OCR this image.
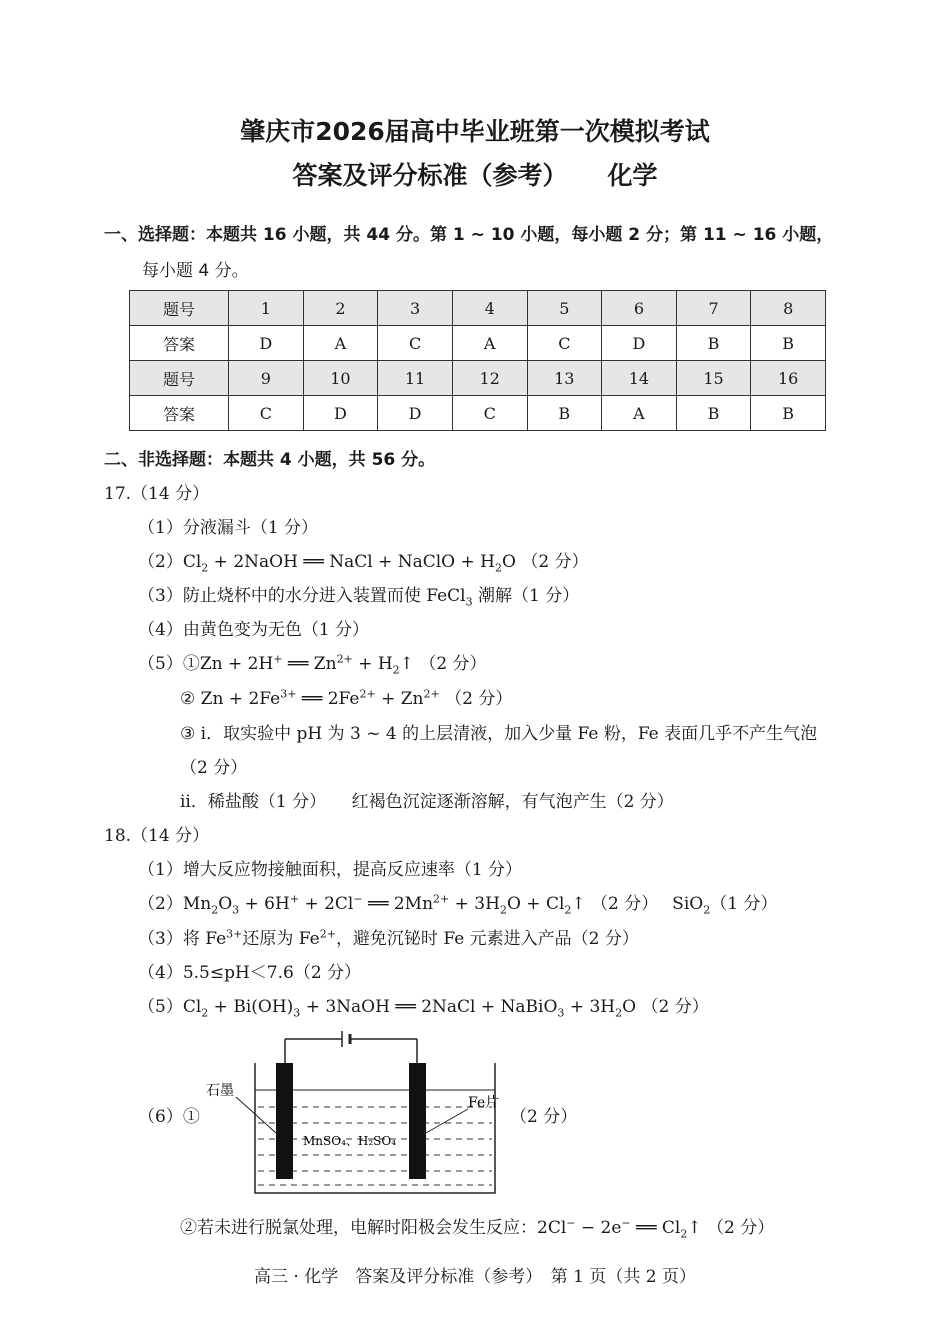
肇庆市2026届高中毕业班第一次模拟考试
答案及评分标准（参考） 化学
一、选择题：本题共 16 小题，共 44 分。第 1 ~ 10 小题，每小题 2 分；第 11 ~ 16 小题，
每小题 4 分。
题号	1	2	3	4	5	6	7	8
答案	D	A	C	A	C	D	B	B
题号	9	10	11	12	13	14	15	16
答案	C	D	D	C	B	A	B	B
二、非选择题：本题共 4 小题，共 56 分。
17.（14 分）
（1）分液漏斗（1 分）
$(2)Cl_2$ + 2NaOH ══ NaCl + NaClO + $H_2O$ （2 分）
（3）防止烧杯中的水分进入装置而使 FeCl$_3$ 潮解（1 分）
（4）由黄色变为无色（1 分）
（5）①Zn + 2H+ ══ $Zn^{2+}$ + $H_2↑$ （2 分）
② $Zn + 2Fe^{3+}$ ══ $2Fe^{2+} + Zn^{2+}$ （2 分）
③ i．取实验中 pH 为 3 ~ 4 的上层清液，加入少量 Fe 粉，Fe 表面几乎不产生气泡
（2 分）
ii．稀盐酸（1 分）　　红褐色沉淀逐渐溶解，有气泡产生（2 分）
18.（14 分）
（1）增大反应物接触面积，提高反应速率（1 分）
$(2)Mn_2O_3 + 6H^+ + 2Cl^-$ ══ $2Mn^{2+} + 3H_2O$ + $Cl_2↑$ （2 分）　 SiO$_2$（1 分）
（3）将 $Fe^{3+}$还原为 $Fe^{2+}$，避免沉铋时 Fe 元素进入产品（2 分）
（4）5.5≤pH＜7.6（2 分）
$(5)Cl_2 + Bi(OH)_3$ + 3NaOH ══ 2NaCl + NaBiO$_3$ + $3H_2O$ （2 分）
（6）①
石墨
Fe片
MnSO₄、H₂SO₄
（2 分）
②若未进行脱氯处理，电解时阳极会发生反应：2Cl− − 2e− ══ $Cl_2↑$ （2 分）
高三 · 化学　答案及评分标准（参考）　第 1 页（共 2 页）
